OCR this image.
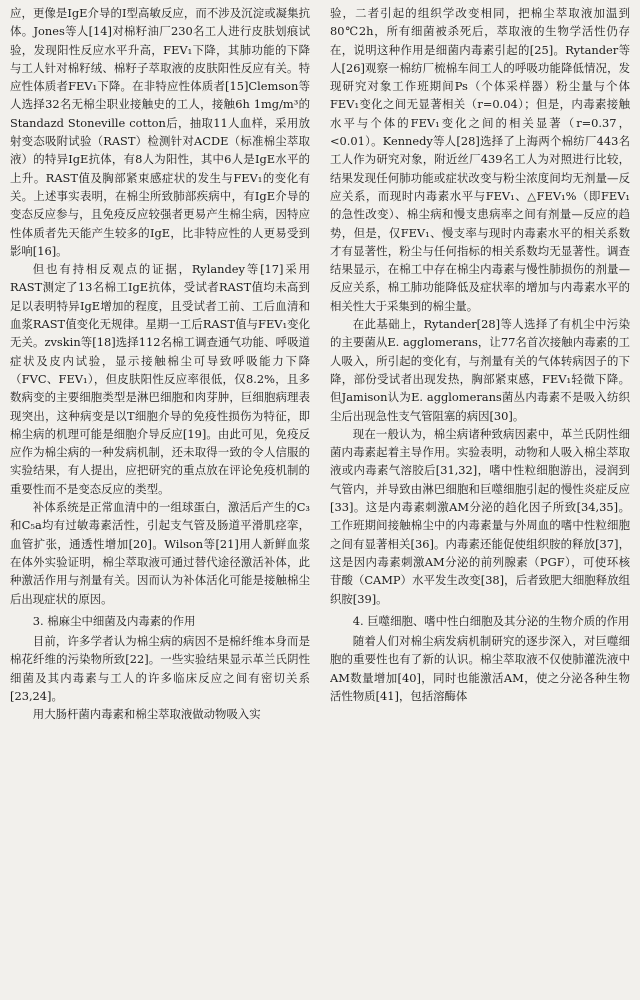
应，更像是IgE介导的Ⅰ型高敏反应，而不涉及沉淀或凝集抗体。Jones等人[14]对棉籽油厂230名工人进行皮肤划痕试验，发现阳性反应水平升高，FEV₁下降，其肺功能的下降与工人针对棉籽绒、棉籽子萃取液的皮肤阳性反应有关。特应性体质者FEV₁下降。在非特应性体质者[15]Clemson等人选择32名无棉尘职业接触史的工人，接触6h 1mg/m³的Standazd Stoneville cotton后，抽取11人血样，采用放射变态吸附试验（RAST）检测针对ACDE（标准棉尘萃取液）的特异IgE抗体，有8人为阳性，其中6人是IgE水平的上升。RAST值及胸部紧束感症状的发生与FEV₁的变化有关。上述事实表明，在棉尘所致肺部疾病中，有IgE介导的变态反应参与，且免疫反应较强者更易产生棉尘病，因特应性体质者先天能产生较多的IgE，比非特应性的人更易受到影响[16]。

但也有持相反观点的证据，Rylandey等[17]采用RAST测定了13名棉工IgE抗体，受试者RAST值均未高到足以表明特异IgE增加的程度，且受试者工前、工后血清和血浆RAST值变化无规律。星期一工后RAST值与FEV₁变化无关。zvskin等[18]选择112名棉工调查通气功能、呼吸道症状及皮内试验，显示接触棉尘可导致呼吸能力下降（FVC、FEV₁），但皮肤阳性反应率很低，仅8.2%，且多数病变的主要细胞类型是淋巴细胞和肉芽肿，巨细胞病理表现突出，这种病变是以T细胞介导的免疫性损伤为特征，即棉尘病的机理可能是细胞介导反应[19]。由此可见，免疫反应作为棉尘病的一种发病机制，还未取得一致的令人信服的实验结果，有人提出，应把研究的重点放在评论免疫机制的重要性而不是变态反应的类型。

补体系统是正常血清中的一组球蛋白，激活后产生的C₃和C₅a均有过敏毒素活性，引起支气管及肠道平滑肌痉挛，血管扩张，通透性增加[20]。Wilson等[21]用人新鲜血浆在体外实验证明，棉尘萃取液可通过替代途径激活补体，此种激活作用与剂量有关。因而认为补体活化可能是接触棉尘后出现症状的原因。

3. 棉麻尘中细菌及内毒素的作用

目前，许多学者认为棉尘病的病因不是棉纤维本身而是棉花纤维的污染物所致[22]。一些实验结果显示革兰氏阴性细菌及其内毒素与工人的许多临床反应之间有密切关系[23,24]。

用大肠杆菌内毒素和棉尘萃取液做动物吸入实

验，二者引起的组织学改变相同，把棉尘萃取液加温到80℃2h，所有细菌被杀死后，萃取液的生物学活性仍存在，说明这种作用是细菌内毒素引起的[25]。Rytander等人[26]观察一棉纺厂梳棉车间工人的呼吸功能降低情况，发现研究对象工作班期间Ps（个体采样器）粉尘量与个体FEV₁变化之间无显著相关（r=0.04）；但是，内毒素接触水平与个体的FEV₁变化之间的相关显著（r=0.37，<0.01）。Kennedy等人[28]选择了上海两个棉纺厂443名工人作为研究对象，附近丝厂439名工人为对照进行比较，结果发现任何肺功能或症状改变与粉尘浓度间均无剂量—反应关系，而现时内毒素水平与FEV₁、△FEV₁%（即FEV₁的急性改变）、棉尘病和慢支患病率之间有剂量—反应的趋势，但是，仅FEV₁、慢支率与现时内毒素水平的相关系数才有显著性，粉尘与任何指标的相关系数均无显著性。调查结果显示，在棉工中存在棉尘内毒素与慢性肺损伤的剂量—反应关系，棉工肺功能降低及症状率的增加与内毒素水平的相关性大于采集到的棉尘量。

在此基础上，Rytander[28]等人选择了有机尘中污染的主要菌从E. agglomerans，让77名首次接触内毒素的工人吸入，所引起的变化有，与剂量有关的气体转病因子的下降，部份受试者出现发热，胸部紧束感，FEV₁轻微下降。但Jamison认为E. agglomerans菌丛内毒素不是吸入纺织尘后出现急性支气管阻塞的病因[30]。

现在一般认为，棉尘病诸种致病因素中，革兰氏阴性细菌内毒素起着主导作用。实验表明，动物和人吸入棉尘萃取液或内毒素气溶胶后[31,32]，嗜中性粒细胞游出，浸润到气管内，并导致由淋巴细胞和巨噬细胞引起的慢性炎症反应[33]。这是内毒素刺激AM分泌的趋化因子所致[34,35]。工作班期间接触棉尘中的内毒素量与外周血的嗜中性粒细胞之间有显著相关[36]。内毒素还能促使组织胺的释放[37]，这是因内毒素刺激AM分泌的前列腺素（PGF），可使环核苷酸（CAMP）水平发生改变[38]，后者致肥大细胞释放组织胺[39]。

4. 巨噬细胞、嗜中性白细胞及其分泌的生物介质的作用

随着人们对棉尘病发病机制研究的逐步深入，对巨噬细胞的重要性也有了新的认识。棉尘萃取液不仅使肺灌洗液中AM数量增加[40]，同时也能激活AM，使之分泌各种生物活性物质[41]，包括溶酶体
